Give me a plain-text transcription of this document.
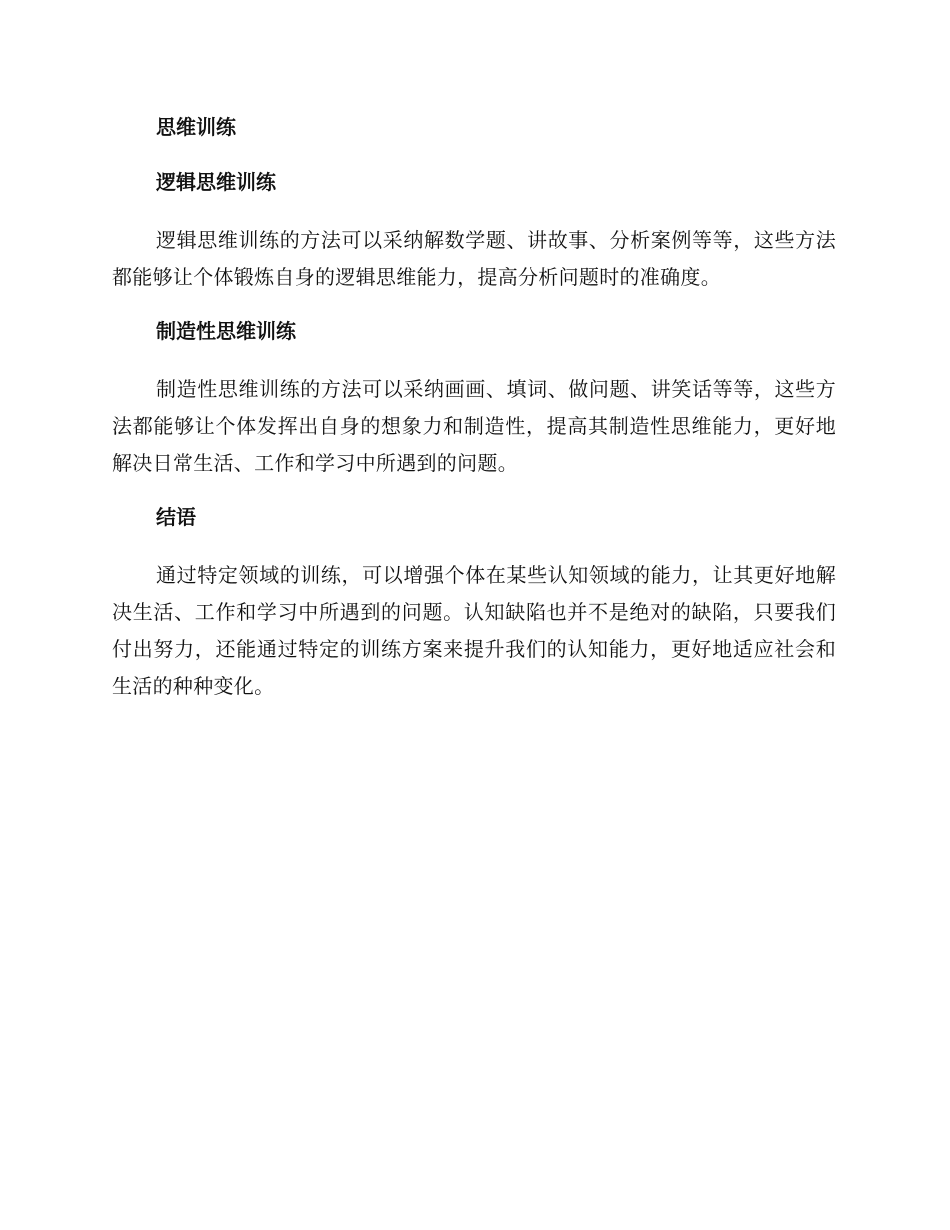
思维训练
逻辑思维训练

逻辑思维训练的方法可以采纳解数学题、讲故事、分析案例等等，这些方法都能够让个体锻炼自身的逻辑思维能力，提高分析问题时的准确度。

制造性思维训练

制造性思维训练的方法可以采纳画画、填词、做问题、讲笑话等等，这些方法都能够让个体发挥出自身的想象力和制造性，提高其制造性思维能力，更好地解决日常生活、工作和学习中所遇到的问题。

结语

通过特定领域的训练，可以增强个体在某些认知领域的能力，让其更好地解决生活、工作和学习中所遇到的问题。认知缺陷也并不是绝对的缺陷，只要我们付出努力，还能通过特定的训练方案来提升我们的认知能力，更好地适应社会和生活的种种变化。
